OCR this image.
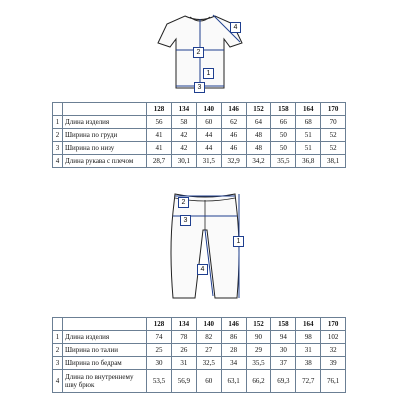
1
2
3
4
		128	134	140	146	152	158	164	170
1	Длина изделия	56	58	60	62	64	66	68	70
2	Ширина по груди	41	42	44	46	48	50	51	52
3	Ширина по низу	41	42	44	46	48	50	51	52
4	Длина рукава с плечом	28,7	30,1	31,5	32,9	34,2	35,5	36,8	38,1
1
2
3
4
		128	134	140	146	152	158	164	170
1	Длина изделия	74	78	82	86	90	94	98	102
2	Ширина по талии	25	26	27	28	29	30	31	32
3	Ширина по бедрам	30	31	32,5	34	35,5	37	38	39
4	Длина по внутреннему шву брюк	53,5	56,9	60	63,1	66,2	69,3	72,7	76,1
